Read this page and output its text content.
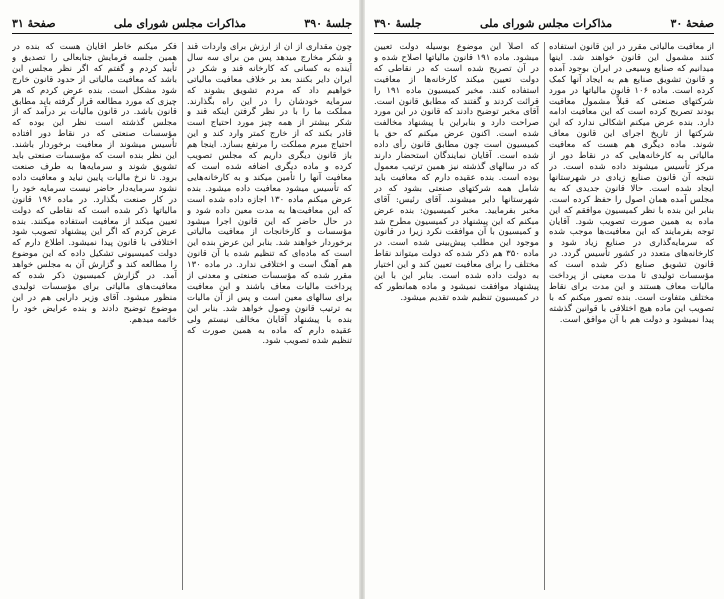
جلسهٔ ۳۹۰
مذاکرات مجلس شورای ملی
صفحهٔ ۳۱

چون مقداری از آن از ارزش برای واردات قند و شکر مخارج میدهد پس من برای سه سال آینده به کسانی که کارخانه قند و شکر در ایران دایر بکنند بعد بر خلاف معافیت مالیاتی خواهیم داد که مردم تشویق بشوند که سرمایه خودشان را در این راه بگذارند. مملکت ما را با در نظر گرفتن اینکه قند و شکر بیشتر از همه چیز مورد احتیاج است قادر بکند که از خارج کمتر وارد کند و این احتیاج مبرم مملکت را مرتفع بسازد. اینجا هم باز قانون دیگری داریم که مجلس تصویب کرده و ماده دیگری اضافه شده است که معافیت آنها را تأمین میکند و به کارخانه‌هایی که تأسیس میشود معافیت داده میشود. بنده عرض میکنم ماده ۱۳۰ اجازه داده شده است که این معافیت‌ها به مدت معین داده شود و در حال حاضر که این قانون اجرا میشود مؤسسات و کارخانجات از معافیت مالیاتی برخوردار خواهند شد. بنابر این عرض بنده این است که ماده‌ای که تنظیم شده با آن قانون هم آهنگ است و اختلافی ندارد. در ماده ۱۳۰ مقرر شده که مؤسسات صنعتی و معدنی از پرداخت مالیات معاف باشند و این معافیت برای سالهای معین است و پس از آن مالیات به ترتیب قانون وصول خواهد شد. بنابر این بنده با پیشنهاد آقایان مخالف نیستم ولی عقیده دارم که ماده به همین صورت که تنظیم شده تصویب شود.

فکر میکنم خاطر آقایان هست که بنده در همین جلسه فرمایش جنابعالی را تصدیق و تأیید کردم و گفتم که اگر نظر مجلس این باشد که معافیت مالیاتی از حدود قانون خارج شود مشکل است. بنده عرض کردم که هر چیزی که مورد مطالعه قرار گرفته باید مطابق قانون باشد. در قانون مالیات بر درآمد که از مجلس گذشته است نظر این بوده که مؤسسات صنعتی که در نقاط دور افتاده تأسیس میشوند از معافیت برخوردار باشند. این نظر بنده است که مؤسسات صنعتی باید تشویق شوند و سرمایه‌ها به طرف صنعت برود. تا نرخ مالیات پایین نیاید و معافیت داده نشود سرمایه‌دار حاضر نیست سرمایه خود را در کار صنعت بگذارد. در ماده ۱۹۶ قانون مالیاتها ذکر شده است که نقاطی که دولت تعیین میکند از معافیت استفاده میکنند. بنده عرض کردم که اگر این پیشنهاد تصویب شود اختلافی با قانون پیدا نمیشود. اطلاع دارم که دولت کمیسیونی تشکیل داده که این موضوع را مطالعه کند و گزارش آن به مجلس خواهد آمد. در گزارش کمیسیون ذکر شده که معافیت‌های مالیاتی برای مؤسسات تولیدی منظور میشود. آقای وزیر دارایی هم در این موضوع توضیح دادند و بنده عرایض خود را خاتمه میدهم.

صفحهٔ ۳۰
مذاکرات مجلس شورای ملی
جلسهٔ ۳۹۰

از معافیت مالیاتی مقرر در این قانون استفاده کنند مشمول این قانون خواهند شد. اینها میدانیم که صنایع وسیعی در ایران بوجود آمده و قانون تشویق صنایع هم به ایجاد آنها کمک کرده است. ماده ۱۰۶ قانون مالیاتها در مورد شرکتهای صنعتی که قبلاً مشمول معافیت بودند تصریح کرده است که این معافیت ادامه دارد. بنده عرض میکنم اشکالی ندارد که این شرکتها از تاریخ اجرای این قانون معاف شوند. ماده دیگری هم هست که معافیت مالیاتی به کارخانه‌هایی که در نقاط دور از مرکز تأسیس میشوند داده شده است. در نتیجه آن قانون صنایع زیادی در شهرستانها ایجاد شده است. حالا قانون جدیدی که به مجلس آمده همان اصول را حفظ کرده است. بنابر این بنده با نظر کمیسیون موافقم که این ماده به همین صورت تصویب شود. آقایان توجه بفرمایند که این معافیت‌ها موجب شده که سرمایه‌گذاری در صنایع زیاد شود و کارخانه‌های متعدد در کشور تأسیس گردد. در قانون تشویق صنایع ذکر شده است که مؤسسات تولیدی تا مدت معینی از پرداخت مالیات معاف هستند و این مدت برای نقاط مختلف متفاوت است. بنده تصور میکنم که با تصویب این ماده هیچ اختلافی با قوانین گذشته پیدا نمیشود و دولت هم با آن موافق است.

که اصلاً این موضوع بوسیله دولت تعیین میشود. ماده ۱۹۱ قانون مالیاتها اصلاح شده و در آن تصریح شده است که در نقاطی که دولت تعیین میکند کارخانه‌ها از معافیت استفاده کنند. مخبر کمیسیون ماده ۱۹۱ را قرائت کردند و گفتند که مطابق قانون است. آقای مخبر توضیح دادند که قانون در این مورد صراحت دارد و بنابراین با پیشنهاد مخالفت شده است. اکنون عرض میکنم که حق با کمیسیون است چون مطابق قانون رأی داده شده است. آقایان نمایندگان استحضار دارند که در سالهای گذشته نیز همین ترتیب معمول بوده است. بنده عقیده دارم که معافیت باید شامل همه شرکتهای صنعتی بشود که در شهرستانها دایر میشوند. آقای رئیس: آقای مخبر بفرمایید. مخبر کمیسیون: بنده عرض میکنم که این پیشنهاد در کمیسیون مطرح شد و کمیسیون با آن موافقت نکرد زیرا در قانون موجود این مطلب پیش‌بینی شده است. در ماده ۳۵۰ هم ذکر شده که دولت میتواند نقاط مختلف را برای معافیت تعیین کند و این اختیار به دولت داده شده است. بنابر این با این پیشنهاد موافقت نمیشود و ماده همانطور که در کمیسیون تنظیم شده تقدیم میشود.
